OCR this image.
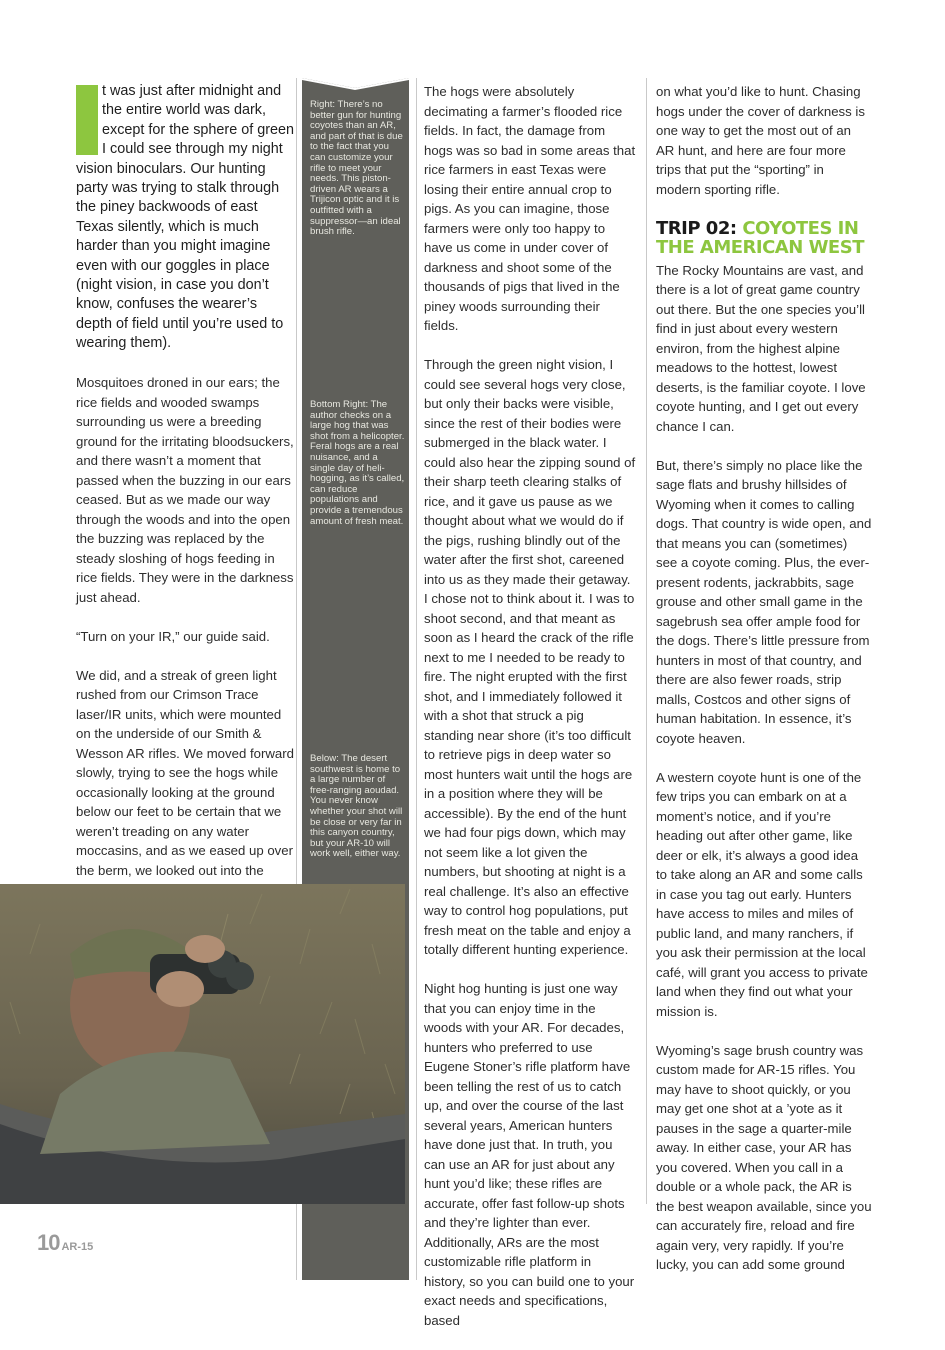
t was just after midnight and the entire world was dark, except for the sphere of green I could see through my night vision binoculars. Our hunting party was trying to stalk through the piney backwoods of east Texas silently, which is much harder than you might imagine even with our goggles in place (night vision, in case you don’t know, confuses the wearer’s depth of field until you’re used to wearing them).

Mosquitoes droned in our ears; the rice fields and wooded swamps surrounding us were a breeding ground for the irritating bloodsuckers, and there wasn’t a moment that passed when the buzzing in our ears ceased. But as we made our way through the woods and into the open the buzzing was replaced by the steady sloshing of hogs feeding in rice fields. They were in the darkness just ahead.

“Turn on your IR,” our guide said.

We did, and a streak of green light rushed from our Crimson Trace laser/IR units, which were mounted on the underside of our Smith & Wesson AR rifles. We moved forward slowly, trying to see the hogs while occasionally looking at the ground below our feet to be certain that we weren’t treading on any water moccasins, and as we eased up over the berm, we looked out into the

Right: There’s no better gun for hunting coyotes than an AR, and part of that is due to the fact that you can customize your rifle to meet your needs. This piston-driven AR wears a Trijicon optic and it is outfitted with a suppressor—an ideal brush rifle.
Bottom Right: The author checks on a large hog that was shot from a helicopter. Feral hogs are a real nuisance, and a single day of heli-hogging, as it’s called, can reduce populations and provide a tremendous amount of fresh meat.
Below: The desert southwest is home to a large number of free-ranging aoudad. You never know whether your shot will be close or very far in this canyon country, but your AR-10 will work well, either way.

The hogs were absolutely decimating a farmer’s flooded rice fields. In fact, the damage from hogs was so bad in some areas that rice farmers in east Texas were losing their entire annual crop to pigs. As you can imagine, those farmers were only too happy to have us come in under cover of darkness and shoot some of the thousands of pigs that lived in the piney woods surrounding their fields.

Through the green night vision, I could see several hogs very close, but only their backs were visible, since the rest of their bodies were submerged in the black water. I could also hear the zipping sound of their sharp teeth clearing stalks of rice, and it gave us pause as we thought about what we would do if the pigs, rushing blindly out of the water after the first shot, careened into us as they made their getaway. I chose not to think about it. I was to shoot second, and that meant as soon as I heard the crack of the rifle next to me I needed to be ready to fire. The night erupted with the first shot, and I immediately followed it with a shot that struck a pig standing near shore (it’s too difficult to retrieve pigs in deep water so most hunters wait until the hogs are in a position where they will be accessible). By the end of the hunt we had four pigs down, which may not seem like a lot given the numbers, but shooting at night is a real challenge. It’s also an effective way to control hog populations, put fresh meat on the table and enjoy a totally different hunting experience.

Night hog hunting is just one way that you can enjoy time in the woods with your AR. For decades, hunters who preferred to use Eugene Stoner’s rifle platform have been telling the rest of us to catch up, and over the course of the last several years, American hunters have done just that. In truth, you can use an AR for just about any hunt you’d like; these rifles are accurate, offer fast follow-up shots and they’re lighter than ever. Additionally, ARs are the most customizable rifle platform in history, so you can build one to your exact needs and specifications, based

on what you’d like to hunt. Chasing hogs under the cover of darkness is one way to get the most out of an AR hunt, and here are four more trips that put the “sporting” in modern sporting rifle.

TRIP 02: COYOTES IN THE AMERICAN WEST

The Rocky Mountains are vast, and there is a lot of great game country out there. But the one species you’ll find in just about every western environ, from the highest alpine meadows to the hottest, lowest deserts, is the familiar coyote. I love coyote hunting, and I get out every chance I can.

But, there’s simply no place like the sage flats and brushy hillsides of Wyoming when it comes to calling dogs. That country is wide open, and that means you can (sometimes) see a coyote coming. Plus, the ever-present rodents, jackrabbits, sage grouse and other small game in the sagebrush sea offer ample food for the dogs. There’s little pressure from hunters in most of that country, and there are also fewer roads, strip malls, Costcos and other signs of human habitation. In essence, it’s coyote heaven.

A western coyote hunt is one of the few trips you can embark on at a moment’s notice, and if you’re heading out after other game, like deer or elk, it’s always a good idea to take along an AR and some calls in case you tag out early. Hunters have access to miles and miles of public land, and many ranchers, if you ask their permission at the local café, will grant you access to private land when they find out what your mission is.

Wyoming’s sage brush country was custom made for AR-15 rifles. You may have to shoot quickly, or you may get one shot at a ’yote as it pauses in the sage a quarter-mile away. In either case, your AR has you covered. When you call in a double or a whole pack, the AR is the best weapon available, since you can accurately fire, reload and fire again very, very rapidly. If you’re lucky, you can add some ground

10 AR-15
